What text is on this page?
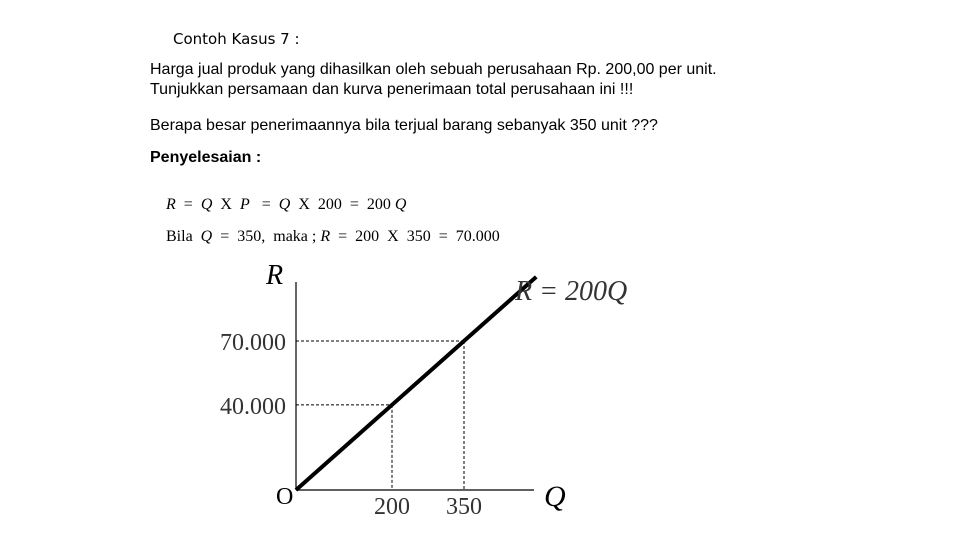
Contoh Kasus 7 :
Harga jual produk yang dihasilkan oleh sebuah perusahaan Rp. 200,00 per unit.
Tunjukkan persamaan dan kurva penerimaan total perusahaan ini !!!
Berapa besar penerimaannya bila terjual barang sebanyak 350 unit ???
Penyelesaian :

R  =  Q  X  P   =  Q  X  200  =  200 Q

Bila  Q  =  350,  maka ; R  =  200  X  350  =  70.000

R = 200Q
40.000
70.000
200 350
R
Q
O
